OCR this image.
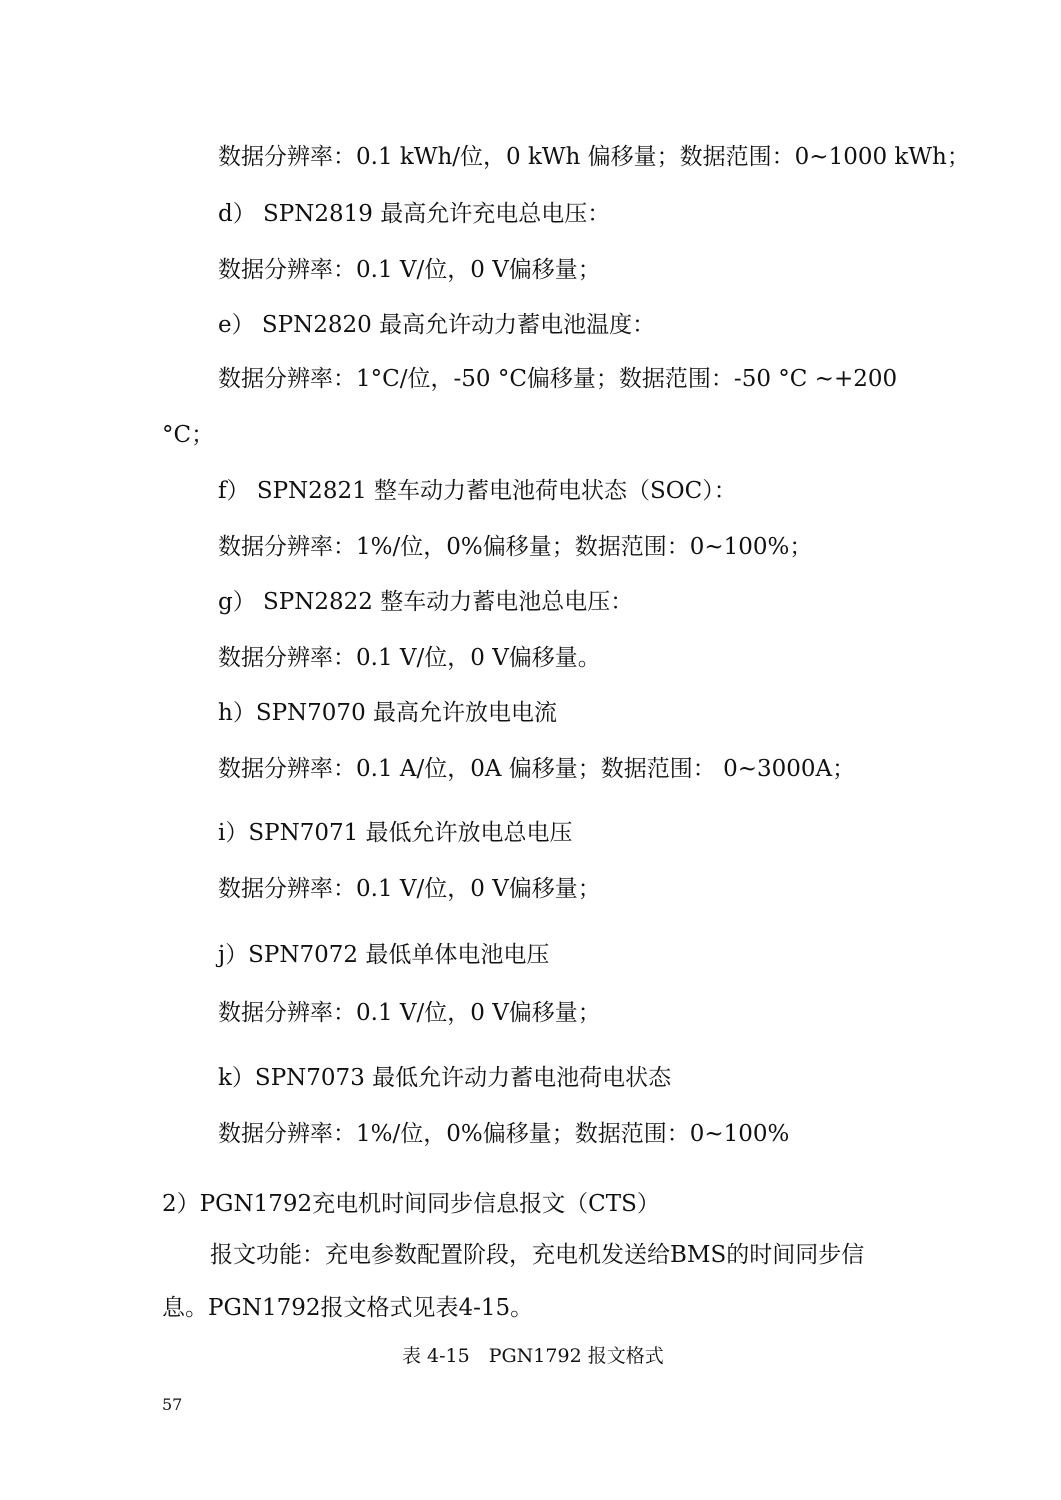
数据分辨率：0.1 kWh/位，0 kWh 偏移量；数据范围：0~1000 kWh；
d） SPN2819 最高允许充电总电压：
数据分辨率：0.1 V/位，0 V偏移量；
e） SPN2820 最高允许动力蓄电池温度：
数据分辨率：1°C/位，-50 °C偏移量；数据范围：-50 °C ~+200
°C；
f） SPN2821 整车动力蓄电池荷电状态（SOC）：
数据分辨率：1%/位，0%偏移量；数据范围：0~100%；
g） SPN2822 整车动力蓄电池总电压：
数据分辨率：0.1 V/位，0 V偏移量。
h）SPN7070 最高允许放电电流
数据分辨率：0.1 A/位，0A 偏移量；数据范围： 0~3000A；
i）SPN7071 最低允许放电总电压
数据分辨率：0.1 V/位，0 V偏移量；
j）SPN7072 最低单体电池电压
数据分辨率：0.1 V/位，0 V偏移量；
k）SPN7073 最低允许动力蓄电池荷电状态
数据分辨率：1%/位，0%偏移量；数据范围：0~100%
2）PGN1792充电机时间同步信息报文（CTS）
报文功能：充电参数配置阶段，充电机发送给BMS的时间同步信
息。PGN1792报文格式见表4-15。
表 4-15　PGN1792 报文格式
57
